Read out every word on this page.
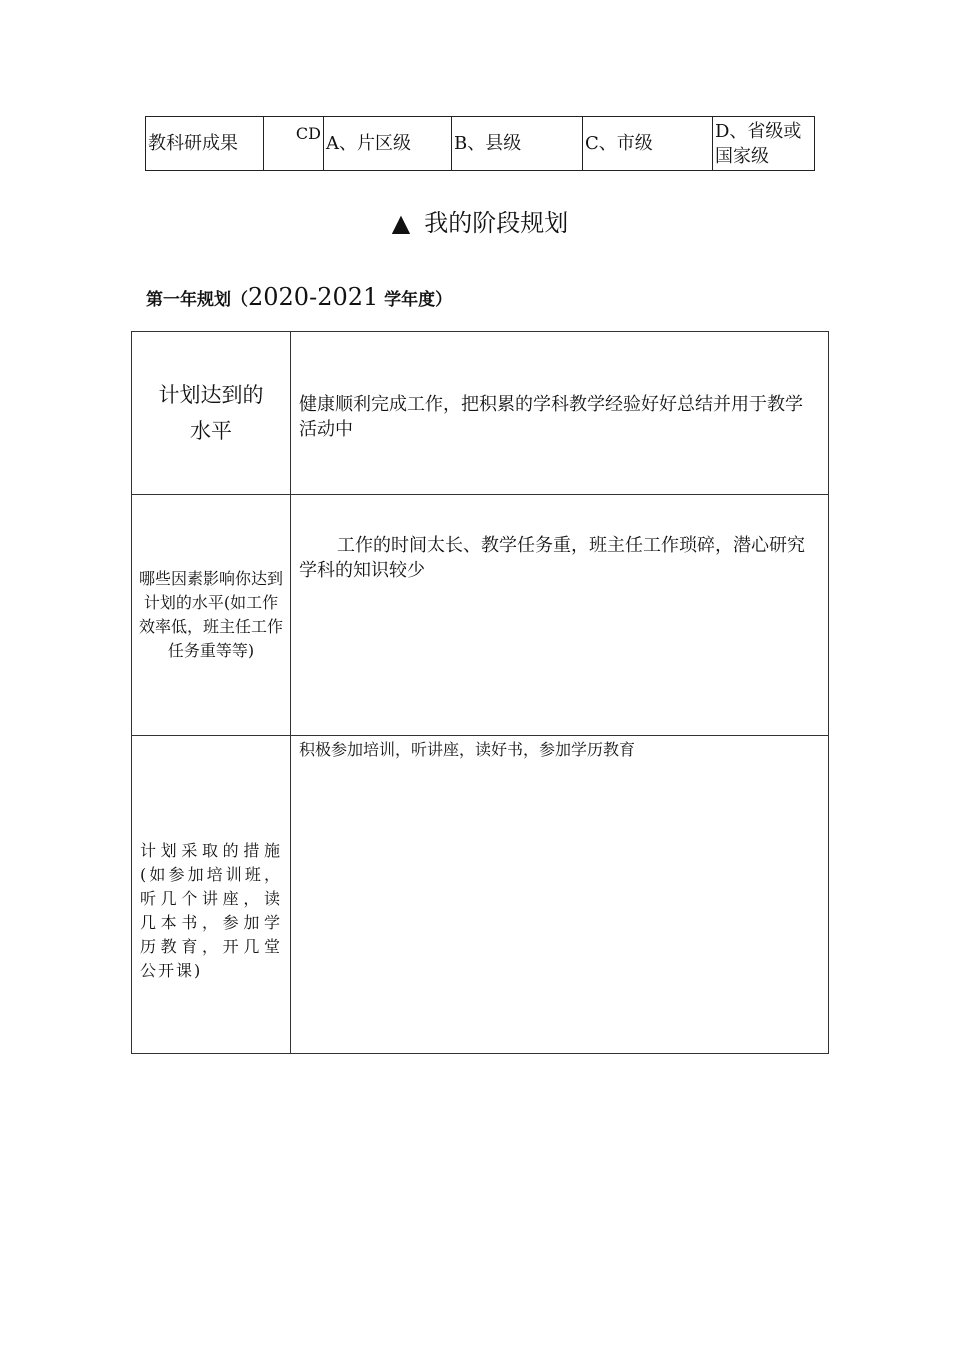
教科研成果	CD	A、片区级	B、县级	C、市级	D、省级或国家级
▲ 我的阶段规划
第一年规划（2020-2021 学年度）
计划达到的水平	健康顺利完成工作，把积累的学科教学经验好好总结并用于教学活动中

哪些因素影响你达到计划的水平(如工作效率低，班主任工作任务重等等)	工作的时间太长、教学任务重，班主任工作琐碎，潜心研究学科的知识较少

计划采取的措施(如参加培训班，听几个讲座，读几本书，参加学历教育，开几堂公开课)	积极参加培训，听讲座，读好书，参加学历教育
